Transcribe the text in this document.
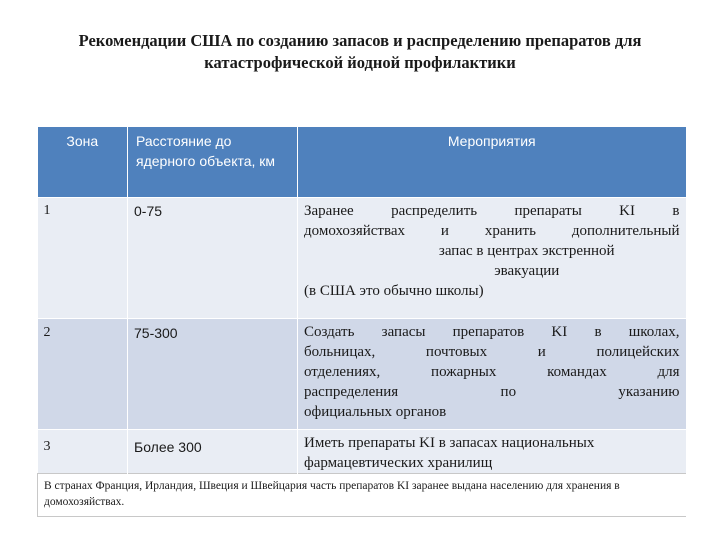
Рекомендации США по созданию запасов и распределению препаратов для катастрофической йодной профилактики
Зона	Расстояние до ядерного объекта, км	Мероприятия
1	0-75	Заранее распределить препараты KI в
домохозяйствах и хранить дополнительный
запас в центрах экстренной
эвакуации
(в США это обычно школы)

2	75-300	Создать запасы препаратов KI в школах,
больницах, почтовых и полицейских
отделениях, пожарных командах для
распределения по указанию
официальных органов

3	Более 300	Иметь препараты KI в запасах национальных
фармацевтических хранилищ

В странах Франция, Ирландия, Швеция и Швейцария часть препаратов KI заранее выдана населению для хранения в домохозяйствах.		
